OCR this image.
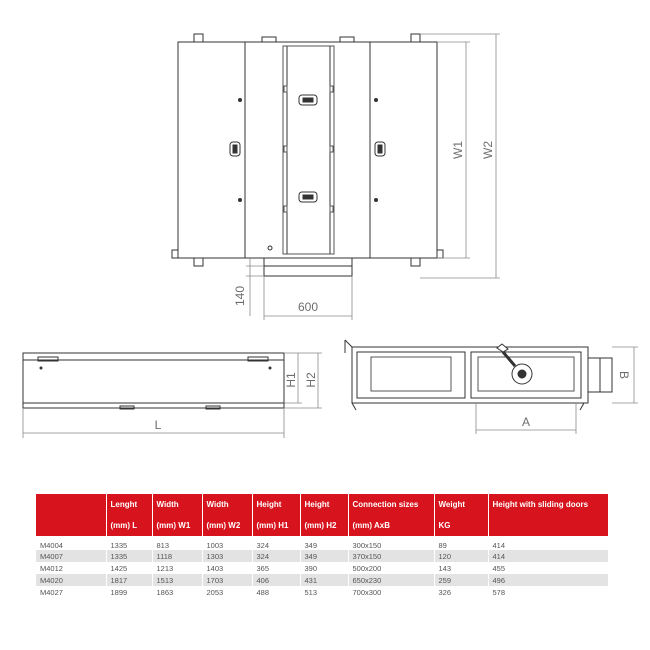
W1 W2
600
140
H1 H2
L
B
A
	Lenght	Width	Width	Height	Height	Connection sizes	Weight	Height with sliding doors
	(mm) L	(mm) W1	(mm) W2	(mm) H1	(mm) H2	(mm) AxB	KG	
M4004	1335	813	1003	324	349	300x150	89	414
M4007	1335	1118	1303	324	349	370x150	120	414
M4012	1425	1213	1403	365	390	500x200	143	455
M4020	1817	1513	1703	406	431	650x230	259	496
M4027	1899	1863	2053	488	513	700x300	326	578
